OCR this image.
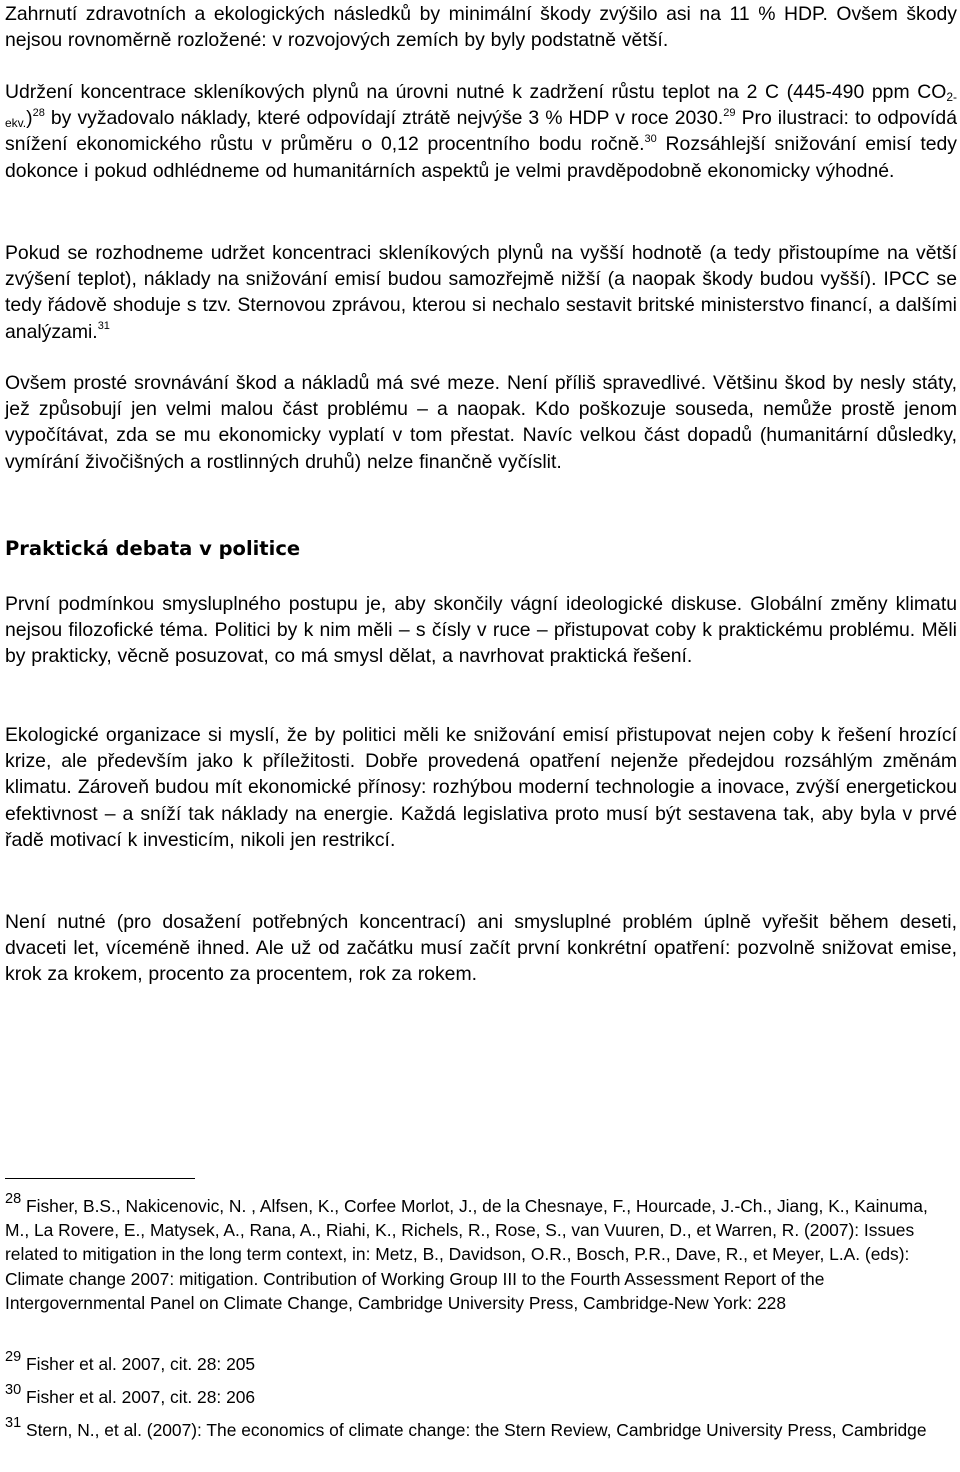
Zahrnutí zdravotních a ekologických následků by minimální škody zvýšilo asi na 11 % HDP. Ovšem škody nejsou rovnoměrně rozložené: v rozvojových zemích by byly podstatně větší.

Udržení koncentrace skleníkových plynů na úrovni nutné k zadržení růstu teplot na 2 C (445-490 ppm $CO_{2-ekv.})^{28}$ by vyžadovalo náklady, které odpovídají ztrátě nejvýše 3 % HDP v roce 2030.29 Pro ilustraci: to odpovídá snížení ekonomického růstu v průměru o 0,12 procentního bodu ročně.$^{30}$ Rozsáhlejší snižování emisí tedy dokonce i pokud odhlédneme od humanitárních aspektů je velmi pravděpodobně ekonomicky výhodné.

Pokud se rozhodneme udržet koncentraci skleníkových plynů na vyšší hodnotě (a tedy přistoupíme na větší zvýšení teplot), náklady na snižování emisí budou samozřejmě nižší (a naopak škody budou vyšší). IPCC se tedy řádově shoduje s tzv. Sternovou zprávou, kterou si nechalo sestavit britské ministerstvo financí, a dalšími analýzami.$^{31}$

Ovšem prosté srovnávání škod a nákladů má své meze. Není příliš spravedlivé. Většinu škod by nesly státy, jež způsobují jen velmi malou část problému – a naopak. Kdo poškozuje souseda, nemůže prostě jenom vypočítávat, zda se mu ekonomicky vyplatí v tom přestat. Navíc velkou část dopadů (humanitární důsledky, vymírání živočišných a rostlinných druhů) nelze finančně vyčíslit.

Praktická debata v politice

První podmínkou smysluplného postupu je, aby skončily vágní ideologické diskuse. Globální změny klimatu nejsou filozofické téma. Politici by k nim měli – s čísly v ruce – přistupovat coby k praktickému problému. Měli by prakticky, věcně posuzovat, co má smysl dělat, a navrhovat praktická řešení.

Ekologické organizace si myslí, že by politici měli ke snižování emisí přistupovat nejen coby k řešení hrozící krize, ale především jako k příležitosti. Dobře provedená opatření nejenže předejdou rozsáhlým změnám klimatu. Zároveň budou mít ekonomické přínosy: rozhýbou moderní technologie a inovace, zvýší energetickou efektivnost – a sníží tak náklady na energie. Každá legislativa proto musí být sestavena tak, aby byla v prvé řadě motivací k investicím, nikoli jen restrikcí.

Není nutné (pro dosažení potřebných koncentrací) ani smysluplné problém úplně vyřešit během deseti, dvaceti let, víceméně ihned. Ale už od začátku musí začít první konkrétní opatření: pozvolně snižovat emise, krok za krokem, procento za procentem, rok za rokem.

$^{28}$ Fisher, B.S., Nakicenovic, N. , Alfsen, K., Corfee Morlot, J., de la Chesnaye, F., Hourcade, J.-Ch., Jiang, K., Kainuma, M., La Rovere, E., Matysek, A., Rana, A., Riahi, K., Richels, R., Rose, S., van Vuuren, D., et Warren, R. (2007): Issues related to mitigation in the long term context, in: Metz, B., Davidson, O.R., Bosch, P.R., Dave, R., et Meyer, L.A. (eds): Climate change 2007: mitigation. Contribution of Working Group III to the Fourth Assessment Report of the Intergovernmental Panel on Climate Change, Cambridge University Press, Cambridge-New York: 228

$^{29}$ Fisher et al. 2007, cit. 28: 205

$^{30}$ Fisher et al. 2007, cit. 28: 206

$^{31}$ Stern, N., et al. (2007): The economics of climate change: the Stern Review, Cambridge University Press, Cambridge
